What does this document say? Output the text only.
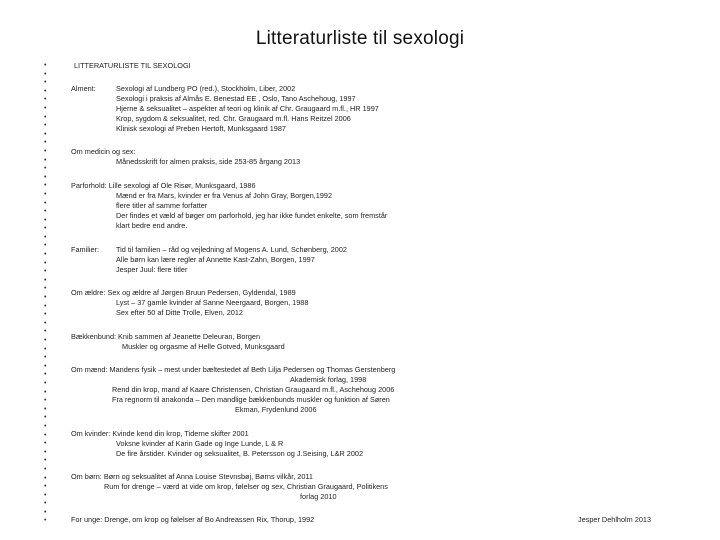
Litteraturliste til sexologi
•
•
•
•
•
•
•
•
•
•
•
•
•
•
•
•
•
•
•
•
•
•
•
•
•
•
•
•
•
•
•
•
•
•
•
•
•
•
•
•
•
•
•
•
•
•
•
•
•
•
•
•
•
•
LITTERATURLISTE TIL SEXOLOGI
Alment:	Sexologi af Lundberg PO (red.), Stockholm, Liber, 2002
Sexologi i praksis af Almås E. Benestad EE , Oslo, Tano Aschehoug, 1997
Hjerne & seksualitet – aspekter af teori og klinik af Chr. Graugaard m.fl., HR 1997
Krop, sygdom & seksualitet, red. Chr. Graugaard m.fl. Hans Reitzel 2006
Klinisk sexologi af Preben Hertoft, Munksgaard 1987
Om medicin og sex:
Månedsskrift for almen praksis, side 253-85 årgang 2013
Parforhold: Lille sexologi af Ole Risør, Munksgaard, 1986
Mænd er fra Mars, kvinder er fra Venus af John Gray, Borgen,1992
flere titler af samme forfatter
Der findes et væld af bøger om parforhold, jeg har ikke fundet enkelte, som fremstår
klart bedre end andre.
Familier: Tid til familien – råd og vejledning af Mogens A. Lund, Schønberg, 2002
Alle børn kan lære regler af Annette Kast-Zahn, Borgen, 1997
Jesper Juul: flere titler
Om ældre: Sex og ældre af Jørgen Bruun Pedersen, Gyldendal, 1989
Lyst – 37 gamle kvinder af Sanne Neergaard, Borgen, 1988
Sex efter 50 af Ditte Trolle, Elven, 2012
Bækkenbund: Knib sammen af Jeanette Deleuran, Borgen
Muskler og orgasme af Helle Gotved, Munksgaard
Om mænd: Mandens fysik – mest under bæltestedet af Beth Lilja Pedersen og Thomas Gerstenberg
Akademisk forlag, 1998
Rend din krop, mand af Kaare Christensen, Christian Graugaard m.fl., Aschehoug 2006
Fra regnorm til anakonda – Den mandlige bækkenbunds muskler og funktion af Søren
Ekman, Frydenlund 2006
Om kvinder: Kvinde kend din krop, Tiderne skifter 2001
Voksne kvinder af Karin Gade og Inge Lunde, L & R
De fire årstider. Kvinder og seksualitet, B. Petersson og J.Seising, L&R 2002
Om børn: Børn og seksualitet af Anna Louise Stevnsbøj, Børns vilkår, 2011
Rum for drenge – værd at vide om krop, følelser og sex, Christian Graugaard, Politikens
forlag 2010
For unge: Drenge, om krop og følelser af Bo Andreassen Rix, Thorup, 1992	Jesper Dehlholm 2013
